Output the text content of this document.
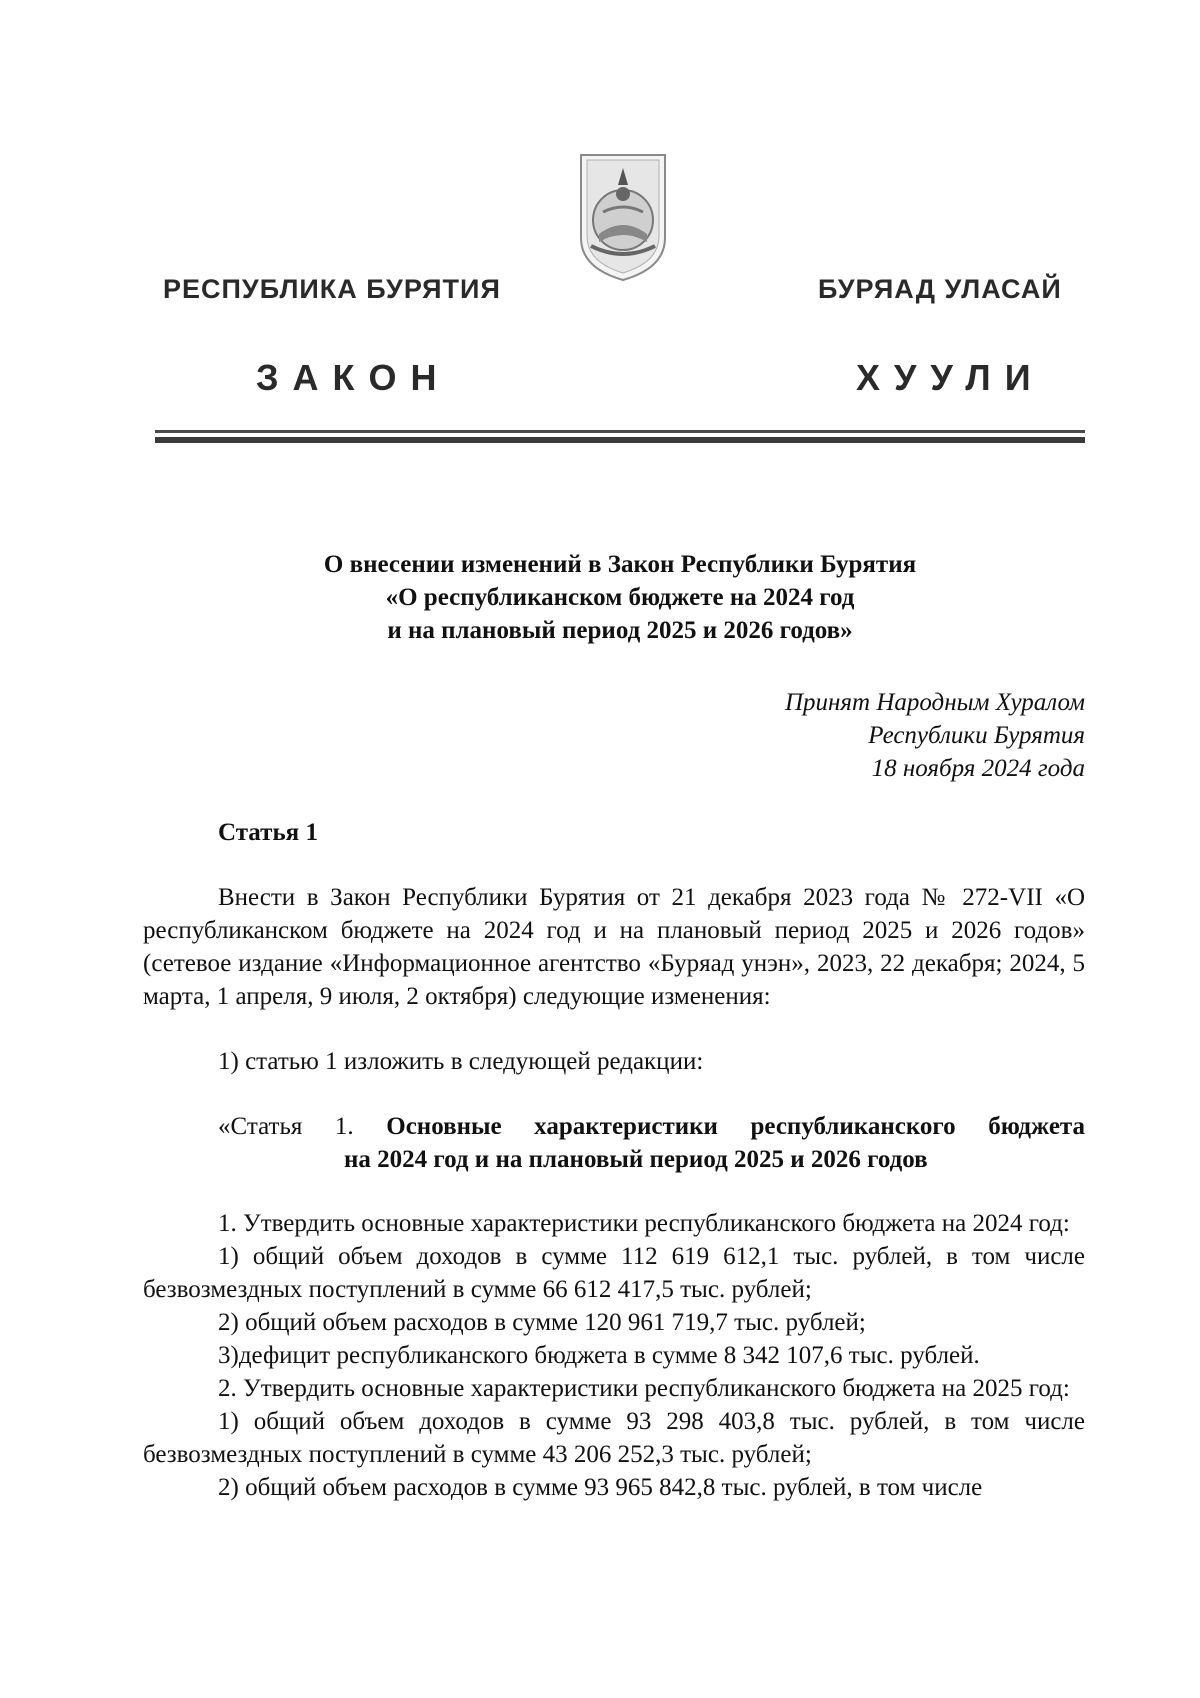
РЕСПУБЛИКА БУРЯТИЯ	БУРЯАД УЛАСАЙ
ЗАКОН	ХУУЛИ
О внесении изменений в Закон Республики Бурятия
«О республиканском бюджете на 2024 год
и на плановый период 2025 и 2026 годов»
Принят Народным Хуралом
Республики Бурятия
18 ноября 2024 года
Статья 1
Внести в Закон Республики Бурятия от 21 декабря 2023 года № 272-VII «О республиканском бюджете на 2024 год и на плановый период 2025 и 2026 годов» (сетевое издание «Информационное агентство «Буряад унэн», 2023, 22 декабря; 2024, 5 марта, 1 апреля, 9 июля, 2 октября) следующие изменения:
1) статью 1 изложить в следующей редакции:
«Статья 1. Основные характеристики республиканского бюджета
на 2024 год и на плановый период 2025 и 2026 годов

1. Утвердить основные характеристики республиканского бюджета на 2024 год:

1) общий объем доходов в сумме 112 619 612,1 тыс. рублей, в том числе безвозмездных поступлений в сумме 66 612 417,5 тыс. рублей;

2) общий объем расходов в сумме 120 961 719,7 тыс. рублей;

3)дефицит республиканского бюджета в сумме 8 342 107,6 тыс. рублей.

2. Утвердить основные характеристики республиканского бюджета на 2025 год:

1) общий объем доходов в сумме 93 298 403,8 тыс. рублей, в том числе безвозмездных поступлений в сумме 43 206 252,3 тыс. рублей;

2) общий объем расходов в сумме 93 965 842,8 тыс. рублей, в том числе
